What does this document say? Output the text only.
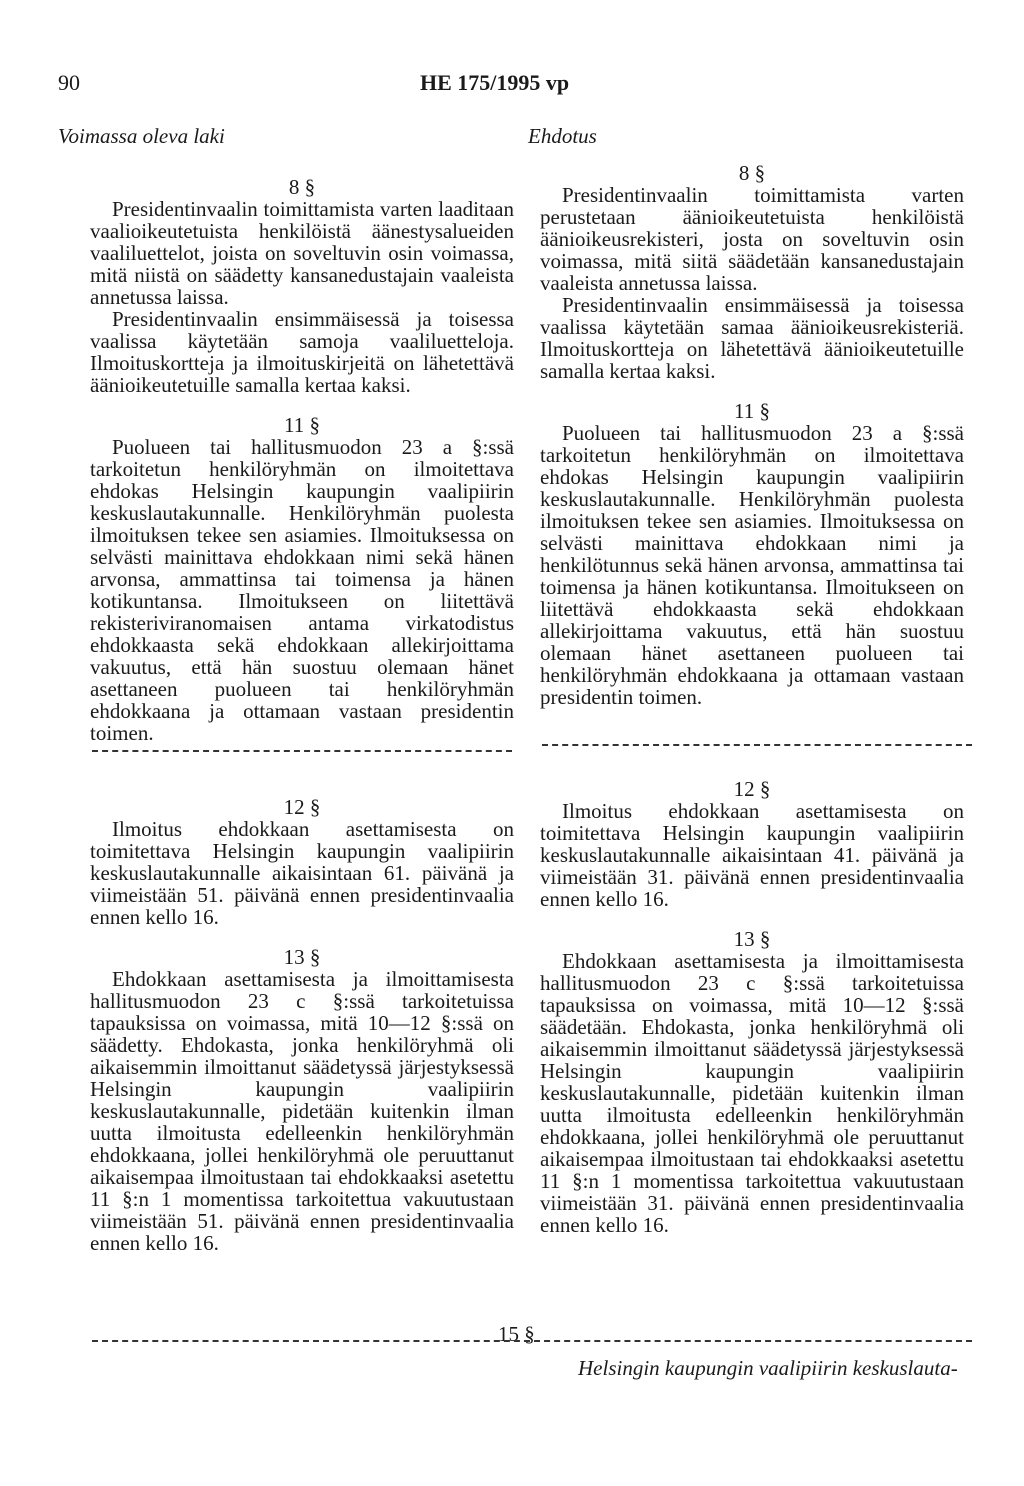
90	HE 175/1995 vp
Voimassa oleva laki	Ehdotus

8 §

Presidentinvaalin toimittamista varten laaditaan vaalioikeutetuista henkilöistä äänestysalueiden vaaliluettelot, joista on soveltuvin osin voimassa, mitä niistä on säädetty kansanedustajain vaaleista annetussa laissa.

Presidentinvaalin ensimmäisessä ja toisessa vaalissa käytetään samoja vaaliluetteloja. Ilmoituskortteja ja ilmoituskirjeitä on lähetettävä äänioikeutetuille samalla kertaa kaksi.

11 §

Puolueen tai hallitusmuodon 23 a §:ssä tarkoitetun henkilöryhmän on ilmoitettava ehdokas Helsingin kaupungin vaalipiirin keskuslautakunnalle. Henkilöryhmän puolesta ilmoituksen tekee sen asiamies. Ilmoituksessa on selvästi mainittava ehdokkaan nimi sekä hänen arvonsa, ammattinsa tai toimensa ja hänen kotikuntansa. Ilmoitukseen on liitettävä rekisteriviranomaisen antama virkatodistus ehdokkaasta sekä ehdokkaan allekirjoittama vakuutus, että hän suostuu olemaan hänet asettaneen puolueen tai henkilöryhmän ehdokkaana ja ottamaan vastaan presidentin toimen.

12 §

Ilmoitus ehdokkaan asettamisesta on toimitettava Helsingin kaupungin vaalipiirin keskuslautakunnalle aikaisintaan 61. päivänä ja viimeistään 51. päivänä ennen presidentinvaalia ennen kello 16.

13 §

Ehdokkaan asettamisesta ja ilmoittamisesta hallitusmuodon 23 c §:ssä tarkoitetuissa tapauksissa on voimassa, mitä 10—12 §:ssä on säädetty. Ehdokasta, jonka henkilöryhmä oli aikaisemmin ilmoittanut säädetyssä järjestyksessä Helsingin kaupungin vaalipiirin keskuslautakunnalle, pidetään kuitenkin ilman uutta ilmoitusta edelleenkin henkilöryhmän ehdokkaana, jollei henkilöryhmä ole peruuttanut aikaisempaa ilmoitustaan tai ehdokkaaksi asetettu 11 §:n 1 momentissa tarkoitettua vakuutustaan viimeistään 51. päivänä ennen presidentinvaalia ennen kello 16.

8 §

Presidentinvaalin toimittamista varten perustetaan äänioikeutetuista henkilöistä äänioikeusrekisteri, josta on soveltuvin osin voimassa, mitä siitä säädetään kansanedustajain vaaleista annetussa laissa.

Presidentinvaalin ensimmäisessä ja toisessa vaalissa käytetään samaa äänioikeusrekisteriä. Ilmoituskortteja on lähetettävä äänioikeutetuille samalla kertaa kaksi.

11 §

Puolueen tai hallitusmuodon 23 a §:ssä tarkoitetun henkilöryhmän on ilmoitettava ehdokas Helsingin kaupungin vaalipiirin keskuslautakunnalle. Henkilöryhmän puolesta ilmoituksen tekee sen asiamies. Ilmoituksessa on selvästi mainittava ehdokkaan nimi ja henkilötunnus sekä hänen arvonsa, ammattinsa tai toimensa ja hänen kotikuntansa. Ilmoitukseen on liitettävä ehdokkaasta sekä ehdokkaan allekirjoittama vakuutus, että hän suostuu olemaan hänet asettaneen puolueen tai henkilöryhmän ehdokkaana ja ottamaan vastaan presidentin toimen.

12 §

Ilmoitus ehdokkaan asettamisesta on toimitettava Helsingin kaupungin vaalipiirin keskuslautakunnalle aikaisintaan 41. päivänä ja viimeistään 31. päivänä ennen presidentinvaalia ennen kello 16.

13 §

Ehdokkaan asettamisesta ja ilmoittamisesta hallitusmuodon 23 c §:ssä tarkoitetuissa tapauksissa on voimassa, mitä 10—12 §:ssä säädetään. Ehdokasta, jonka henkilöryhmä oli aikaisemmin ilmoittanut säädetyssä järjestyksessä Helsingin kaupungin vaalipiirin keskuslautakunnalle, pidetään kuitenkin ilman uutta ilmoitusta edelleenkin henkilöryhmän ehdokkaana, jollei henkilöryhmä ole peruuttanut aikaisempaa ilmoitustaan tai ehdokkaaksi asetettu 11 §:n 1 momentissa tarkoitettua vakuutustaan viimeistään 31. päivänä ennen presidentinvaalia ennen kello 16.

15 §
Helsingin kaupungin vaalipiirin keskuslauta-
